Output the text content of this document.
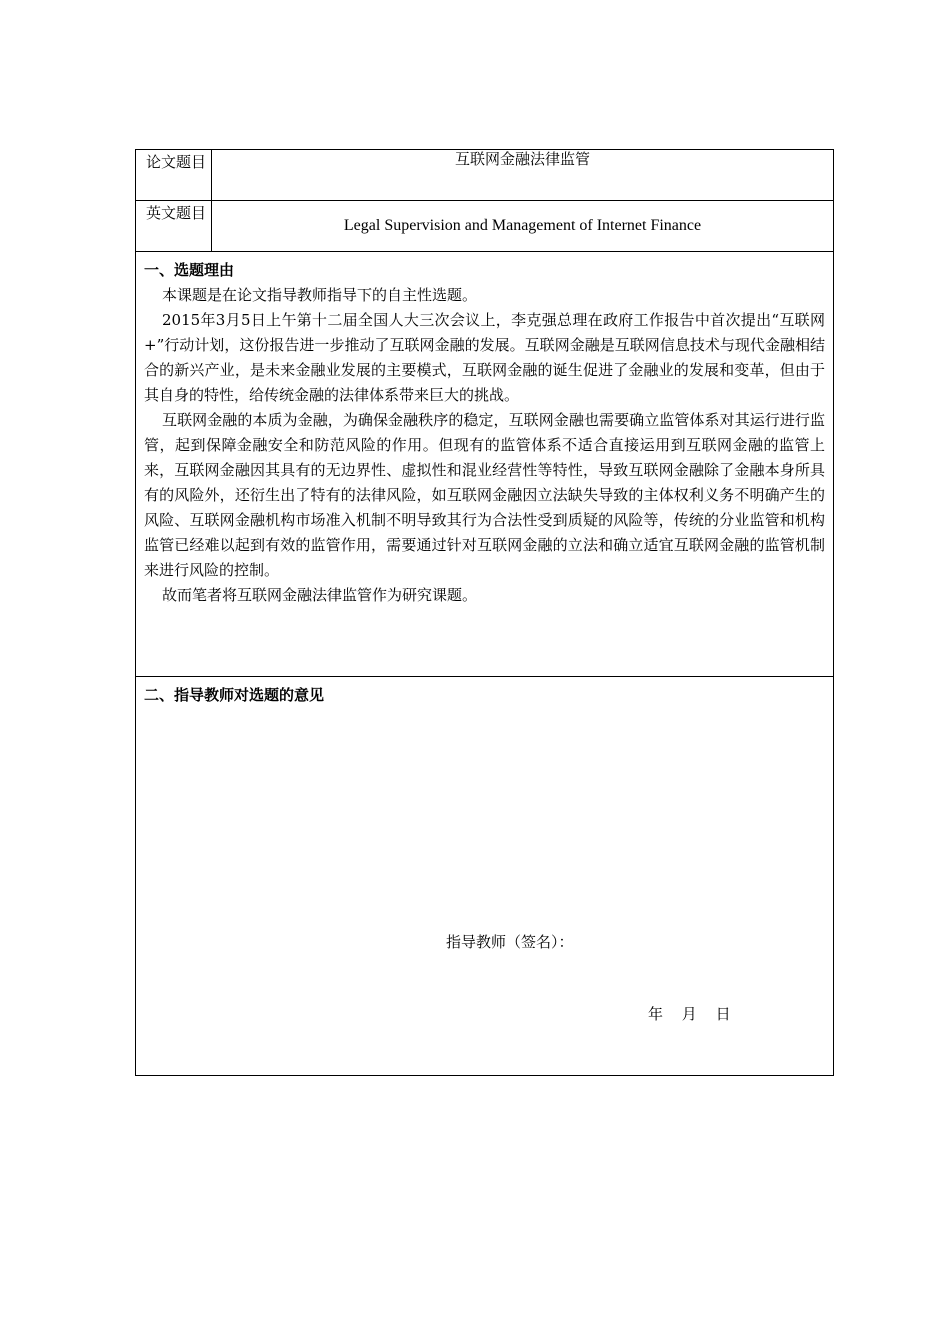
论文题目	互联网金融法律监管
英文题目	Legal Supervision and Management of Internet Finance

一、选题理由

本课题是在论文指导教师指导下的自主性选题。

2015年3月5日上午第十二届全国人大三次会议上，李克强总理在政府工作报告中首次提出“互联网+”行动计划，这份报告进一步推动了互联网金融的发展。互联网金融是互联网信息技术与现代金融相结合的新兴产业，是未来金融业发展的主要模式，互联网金融的诞生促进了金融业的发展和变革，但由于其自身的特性，给传统金融的法律体系带来巨大的挑战。

互联网金融的本质为金融，为确保金融秩序的稳定，互联网金融也需要确立监管体系对其运行进行监管，起到保障金融安全和防范风险的作用。但现有的监管体系不适合直接运用到互联网金融的监管上来，互联网金融因其具有的无边界性、虚拟性和混业经营性等特性，导致互联网金融除了金融本身所具有的风险外，还衍生出了特有的法律风险，如互联网金融因立法缺失导致的主体权利义务不明确产生的风险、互联网金融机构市场准入机制不明导致其行为合法性受到质疑的风险等，传统的分业监管和机构监管已经难以起到有效的监管作用，需要通过针对互联网金融的立法和确立适宜互联网金融的监管机制来进行风险的控制。

故而笔者将互联网金融法律监管作为研究课题。	

二、指导教师对选题的意见

指导教师（签名）：
年 月 日	
